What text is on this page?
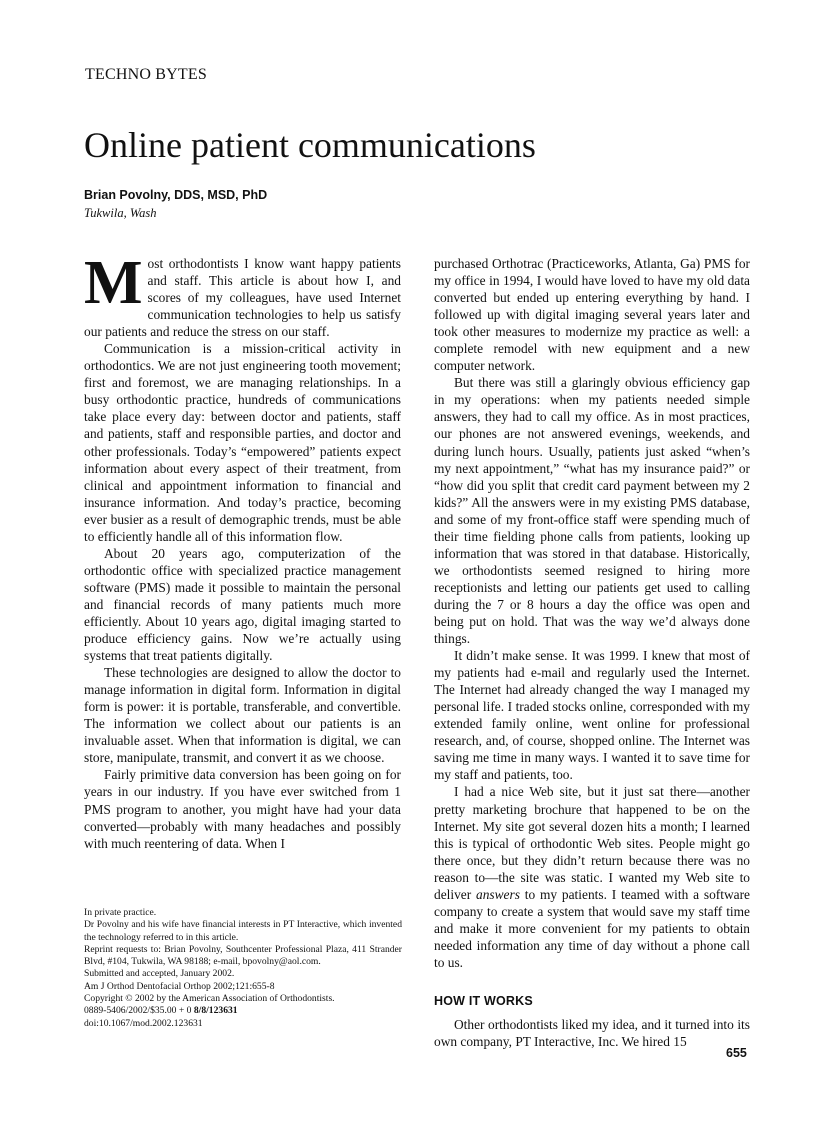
TECHNO BYTES
Online patient communications
Brian Povolny, DDS, MSD, PhD
Tukwila, Wash

Most orthodontists I know want happy patients and staff. This article is about how I, and scores of my colleagues, have used Internet communication technologies to help us satisfy our patients and reduce the stress on our staff.

Communication is a mission-critical activity in orthodontics. We are not just engineering tooth movement; first and foremost, we are managing relationships. In a busy orthodontic practice, hundreds of communications take place every day: between doctor and patients, staff and patients, staff and responsible parties, and doctor and other professionals. Today’s “empowered” patients expect information about every aspect of their treatment, from clinical and appointment information to financial and insurance information. And today’s practice, becoming ever busier as a result of demographic trends, must be able to efficiently handle all of this information flow.

About 20 years ago, computerization of the orthodontic office with specialized practice management software (PMS) made it possible to maintain the personal and financial records of many patients much more efficiently. About 10 years ago, digital imaging started to produce efficiency gains. Now we’re actually using systems that treat patients digitally.

These technologies are designed to allow the doctor to manage information in digital form. Information in digital form is power: it is portable, transferable, and convertible. The information we collect about our patients is an invaluable asset. When that information is digital, we can store, manipulate, transmit, and convert it as we choose.

Fairly primitive data conversion has been going on for years in our industry. If you have ever switched from 1 PMS program to another, you might have had your data converted—probably with many headaches and possibly with much reentering of data. When I

In private practice.
Dr Povolny and his wife have financial interests in PT Interactive, which invented the technology referred to in this article.
Reprint requests to: Brian Povolny, Southcenter Professional Plaza, 411 Strander Blvd, #104, Tukwila, WA 98188; e-mail, bpovolny@aol.com.
Submitted and accepted, January 2002.
Am J Orthod Dentofacial Orthop 2002;121:655-8
Copyright © 2002 by the American Association of Orthodontists.
0889-5406/2002/$35.00 + 0 8/8/123631
doi:10.1067/mod.2002.123631

purchased Orthotrac (Practiceworks, Atlanta, Ga) PMS for my office in 1994, I would have loved to have my old data converted but ended up entering everything by hand. I followed up with digital imaging several years later and took other measures to modernize my practice as well: a complete remodel with new equipment and a new computer network.

But there was still a glaringly obvious efficiency gap in my operations: when my patients needed simple answers, they had to call my office. As in most practices, our phones are not answered evenings, weekends, and during lunch hours. Usually, patients just asked “when’s my next appointment,” “what has my insurance paid?” or “how did you split that credit card payment between my 2 kids?” All the answers were in my existing PMS database, and some of my front-office staff were spending much of their time fielding phone calls from patients, looking up information that was stored in that database. Historically, we orthodontists seemed resigned to hiring more receptionists and letting our patients get used to calling during the 7 or 8 hours a day the office was open and being put on hold. That was the way we’d always done things.

It didn’t make sense. It was 1999. I knew that most of my patients had e-mail and regularly used the Internet. The Internet had already changed the way I managed my personal life. I traded stocks online, corresponded with my extended family online, went online for professional research, and, of course, shopped online. The Internet was saving me time in many ways. I wanted it to save time for my staff and patients, too.

I had a nice Web site, but it just sat there—another pretty marketing brochure that happened to be on the Internet. My site got several dozen hits a month; I learned this is typical of orthodontic Web sites. People might go there once, but they didn’t return because there was no reason to—the site was static. I wanted my Web site to deliver answers to my patients. I teamed with a software company to create a system that would save my staff time and make it more convenient for my patients to obtain needed information any time of day without a phone call to us.

HOW IT WORKS

Other orthodontists liked my idea, and it turned into its own company, PT Interactive, Inc. We hired 15

655
